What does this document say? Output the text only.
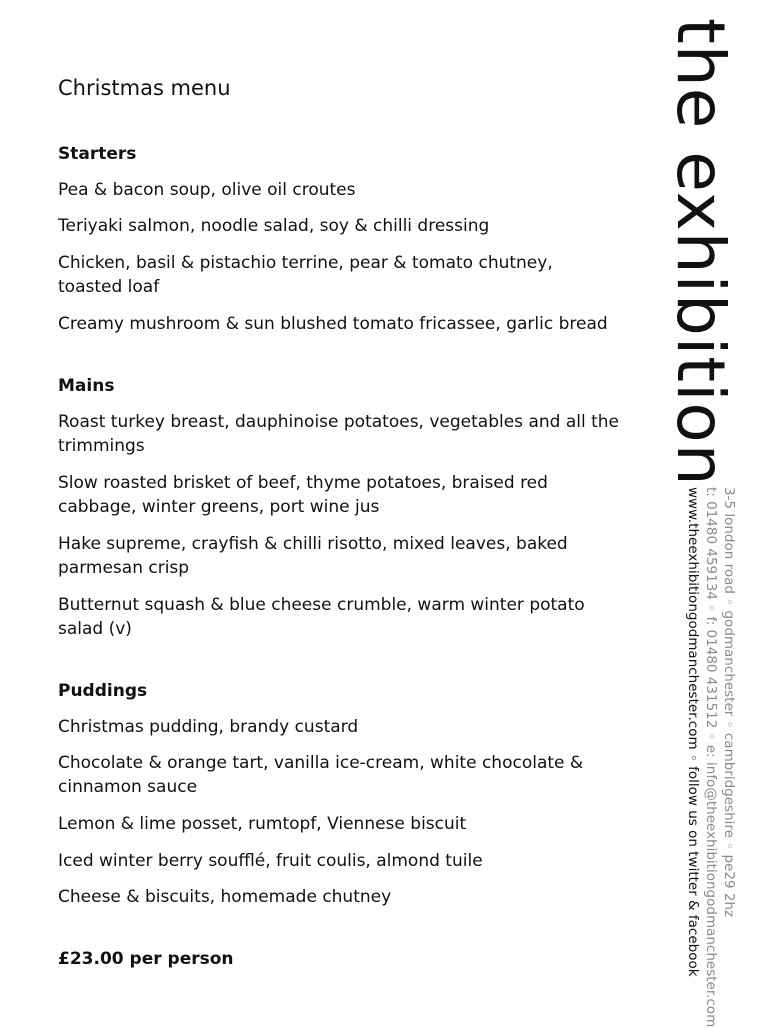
Christmas menu
Starters
Pea & bacon soup, olive oil croutes
Teriyaki salmon, noodle salad, soy & chilli dressing
Chicken, basil & pistachio terrine, pear & tomato chutney,
toasted loaf
Creamy mushroom & sun blushed tomato fricassee, garlic bread
Mains
Roast turkey breast, dauphinoise potatoes, vegetables and all the
trimmings
Slow roasted brisket of beef, thyme potatoes, braised red
cabbage, winter greens, port wine jus
Hake supreme, crayfish & chilli risotto, mixed leaves, baked
parmesan crisp
Butternut squash & blue cheese crumble, warm winter potato
salad (v)
Puddings
Christmas pudding, brandy custard
Chocolate & orange tart, vanilla ice-cream, white chocolate &
cinnamon sauce
Lemon & lime posset, rumtopf, Viennese biscuit
Iced winter berry soufflé, fruit coulis, almond tuile
Cheese & biscuits, homemade chutney
£23.00 per person
the exhibition
3-5 london road ◦ godmanchester ◦ cambridgeshire ◦ pe29 2hz
t: 01480 459134 ◦ f: 01480 431512 ◦ e: info@theexhibitiongodmanchester.com
www.theexhibitiongodmanchester.com ◦ follow us on twitter & facebook
